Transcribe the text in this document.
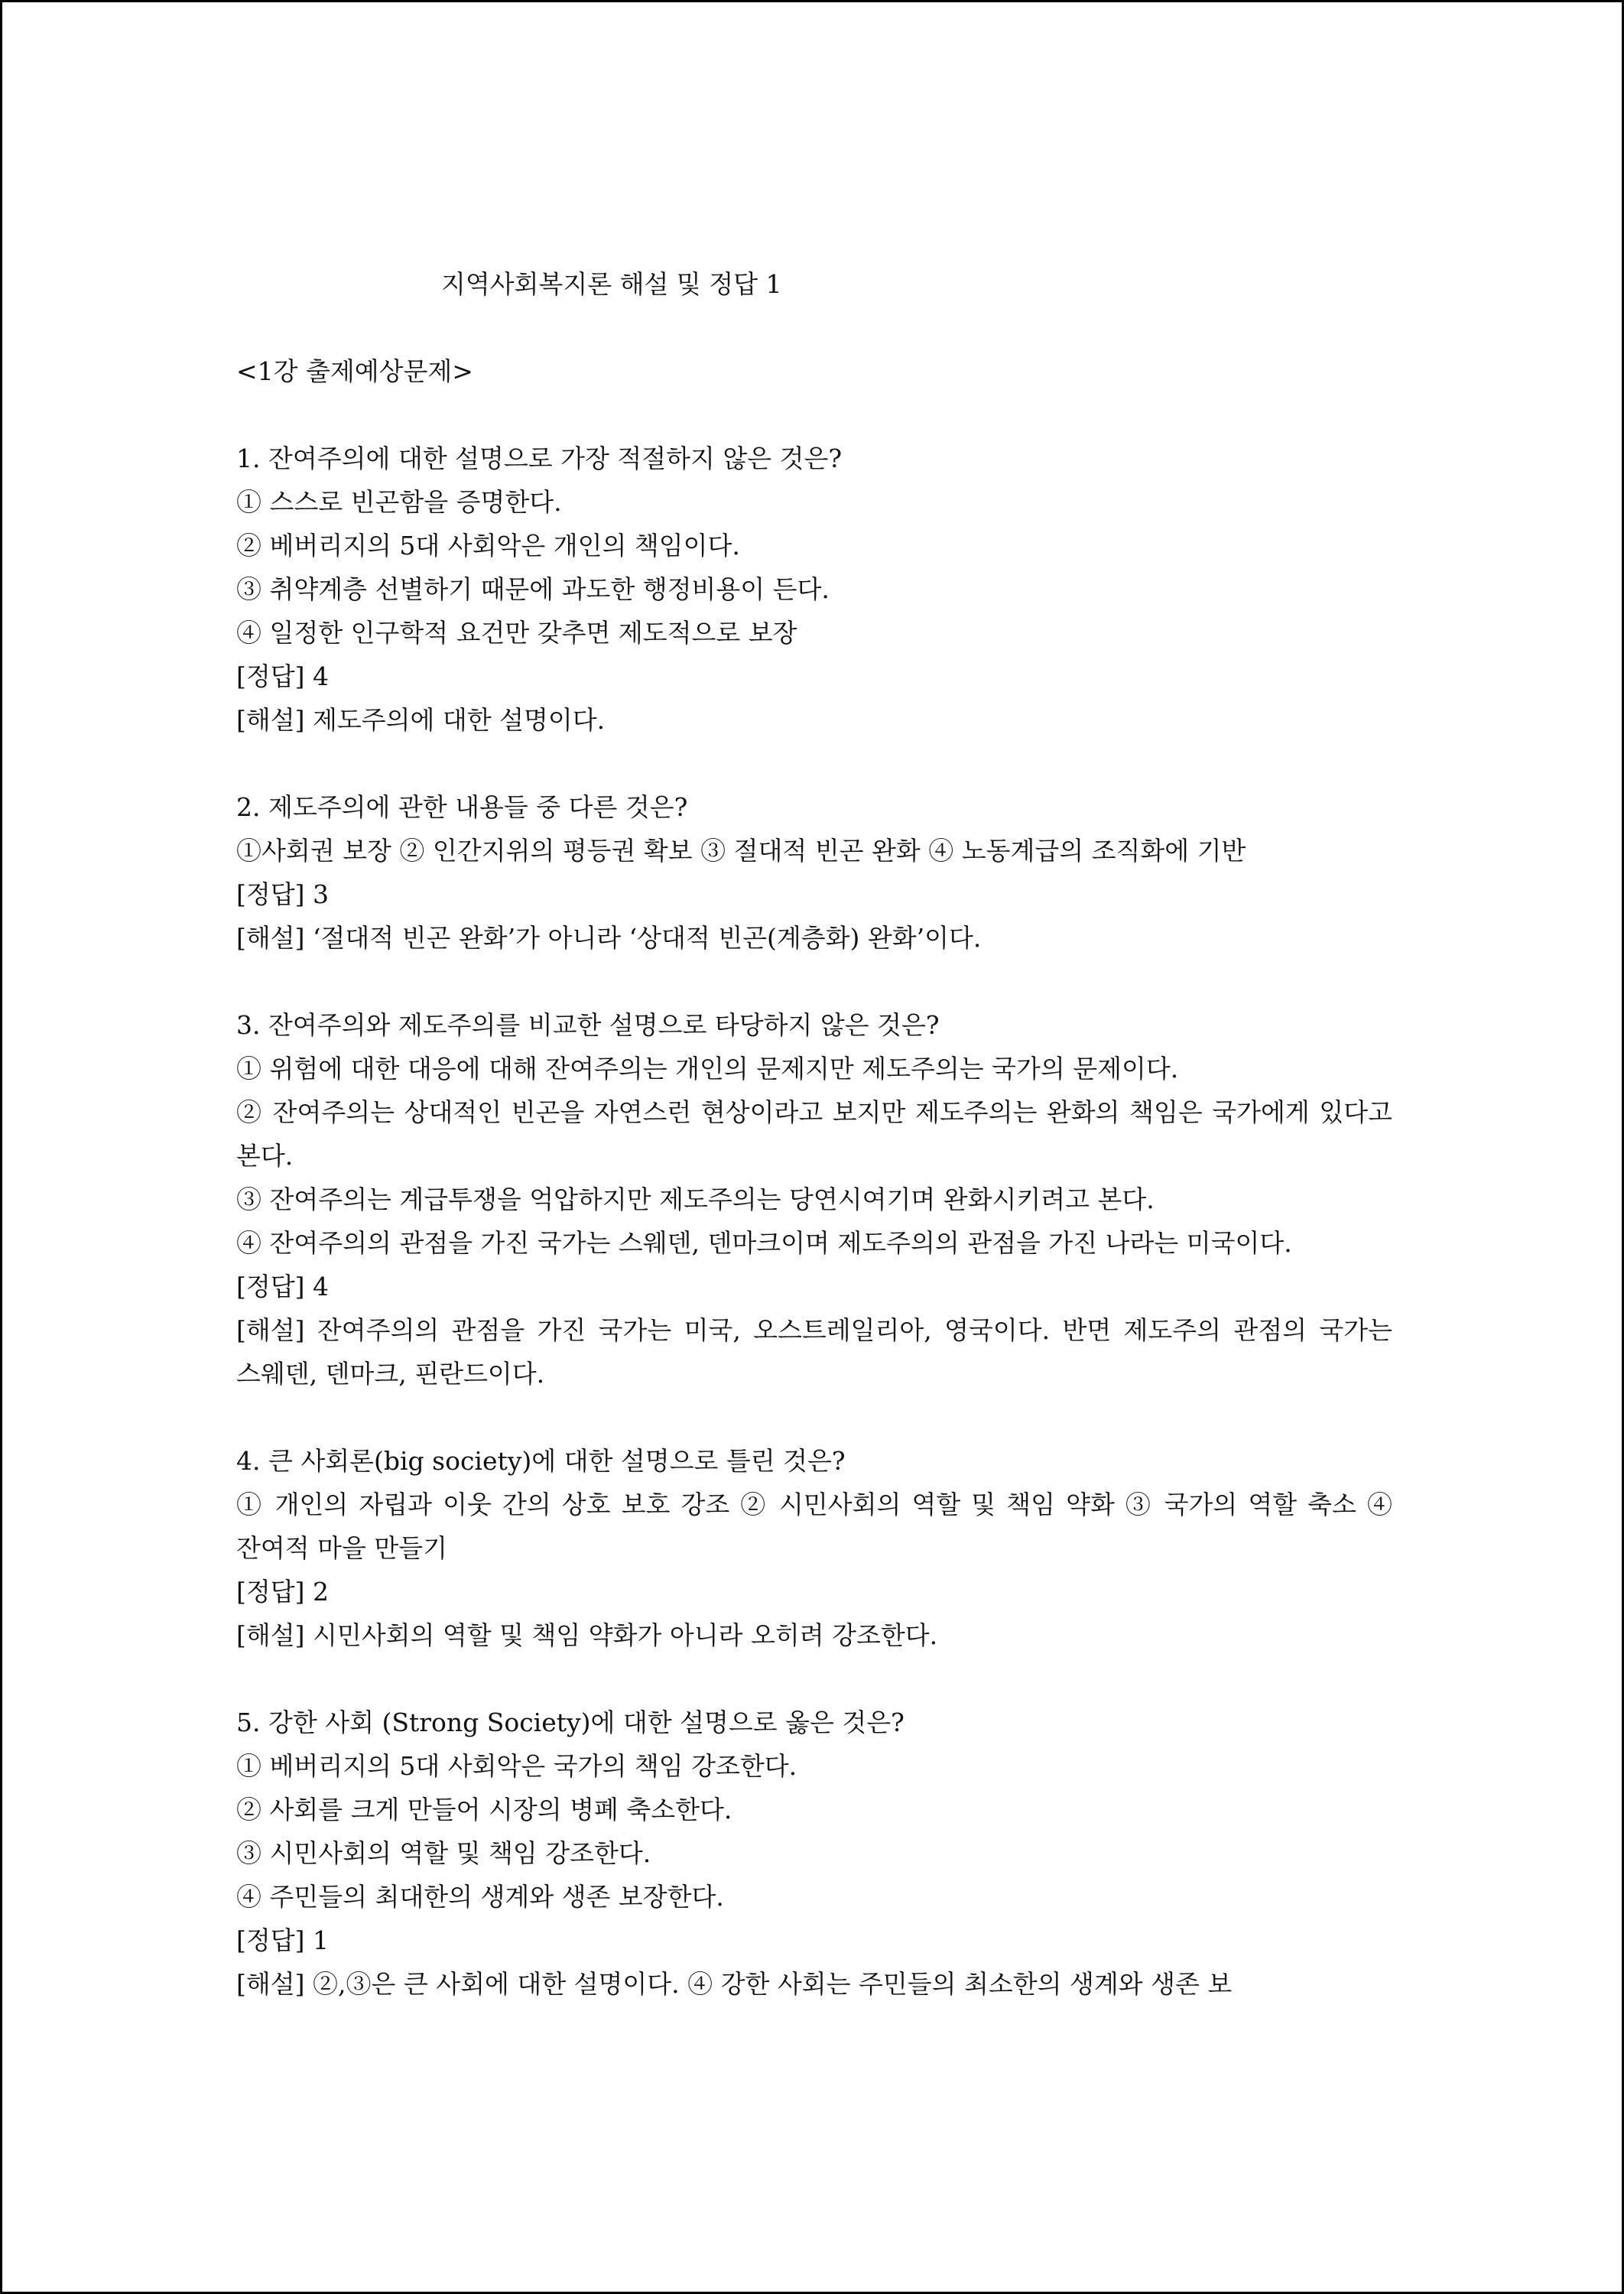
지역사회복지론 해설 및 정답 1
<1강 출제예상문제>
1. 잔여주의에 대한 설명으로 가장 적절하지 않은 것은?
① 스스로 빈곤함을 증명한다.
② 베버리지의 5대 사회악은 개인의 책임이다.
③ 취약계층 선별하기 때문에 과도한 행정비용이 든다.
④ 일정한 인구학적 요건만 갖추면 제도적으로 보장
[정답] 4
[해설] 제도주의에 대한 설명이다.
2. 제도주의에 관한 내용들 중 다른 것은?
①사회권 보장 ② 인간지위의 평등권 확보 ③ 절대적 빈곤 완화 ④ 노동계급의 조직화에 기반
[정답] 3
[해설] ‘절대적 빈곤 완화’가 아니라 ‘상대적 빈곤(계층화) 완화’이다.
3. 잔여주의와 제도주의를 비교한 설명으로 타당하지 않은 것은?
① 위험에 대한 대응에 대해 잔여주의는 개인의 문제지만 제도주의는 국가의 문제이다.
② 잔여주의는 상대적인 빈곤을 자연스런 현상이라고 보지만 제도주의는 완화의 책임은 국가에게 있다고 본다.
③ 잔여주의는 계급투쟁을 억압하지만 제도주의는 당연시여기며 완화시키려고 본다.
④ 잔여주의의 관점을 가진 국가는 스웨덴, 덴마크이며 제도주의의 관점을 가진 나라는 미국이다.
[정답] 4
[해설] 잔여주의의 관점을 가진 국가는 미국, 오스트레일리아, 영국이다. 반면 제도주의 관점의 국가는 스웨덴, 덴마크, 핀란드이다.
4. 큰 사회론(big society)에 대한 설명으로 틀린 것은?
① 개인의 자립과 이웃 간의 상호 보호 강조 ② 시민사회의 역할 및 책임 약화 ③ 국가의 역할 축소 ④ 잔여적 마을 만들기
[정답] 2
[해설] 시민사회의 역할 및 책임 약화가 아니라 오히려 강조한다.
5. 강한 사회 (Strong Society)에 대한 설명으로 옳은 것은?
① 베버리지의 5대 사회악은 국가의 책임 강조한다.
② 사회를 크게 만들어 시장의 병폐 축소한다.
③ 시민사회의 역할 및 책임 강조한다.
④ 주민들의 최대한의 생계와 생존 보장한다.
[정답] 1
[해설] ②,③은 큰 사회에 대한 설명이다. ④ 강한 사회는 주민들의 최소한의 생계와 생존 보
